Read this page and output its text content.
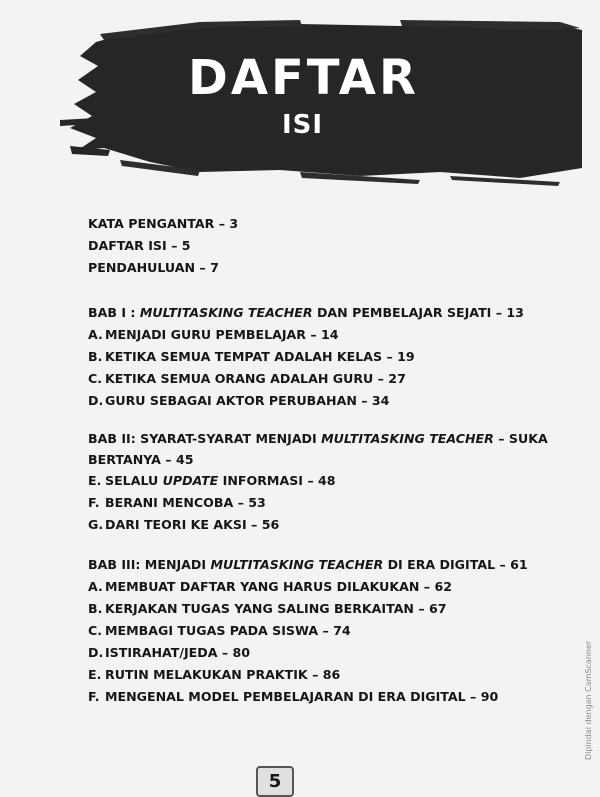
DAFTAR
ISI
KATA PENGANTAR – 3
DAFTAR ISI – 5
PENDAHULUAN – 7
BAB I : MULTITASKING TEACHER DAN PEMBELAJAR SEJATI – 13
A. MENJADI GURU PEMBELAJAR – 14
B. KETIKA SEMUA TEMPAT ADALAH KELAS – 19
C. KETIKA SEMUA ORANG ADALAH GURU – 27
D. GURU SEBAGAI AKTOR PERUBAHAN – 34
BAB II: SYARAT-SYARAT MENJADI MULTITASKING TEACHER – SUKA
BERTANYA – 45
E. SELALU UPDATE INFORMASI – 48
F. BERANI MENCOBA – 53
G. DARI TEORI KE AKSI – 56
BAB III: MENJADI MULTITASKING TEACHER DI ERA DIGITAL – 61
A. MEMBUAT DAFTAR YANG HARUS DILAKUKAN – 62
B. KERJAKAN TUGAS YANG SALING BERKAITAN – 67
C. MEMBAGI TUGAS PADA SISWA – 74
D. ISTIRAHAT/JEDA – 80
E. RUTIN MELAKUKAN PRAKTIK – 86
F. MENGENAL MODEL PEMBELAJARAN DI ERA DIGITAL – 90
5
Dipindai dengan CamScanner
